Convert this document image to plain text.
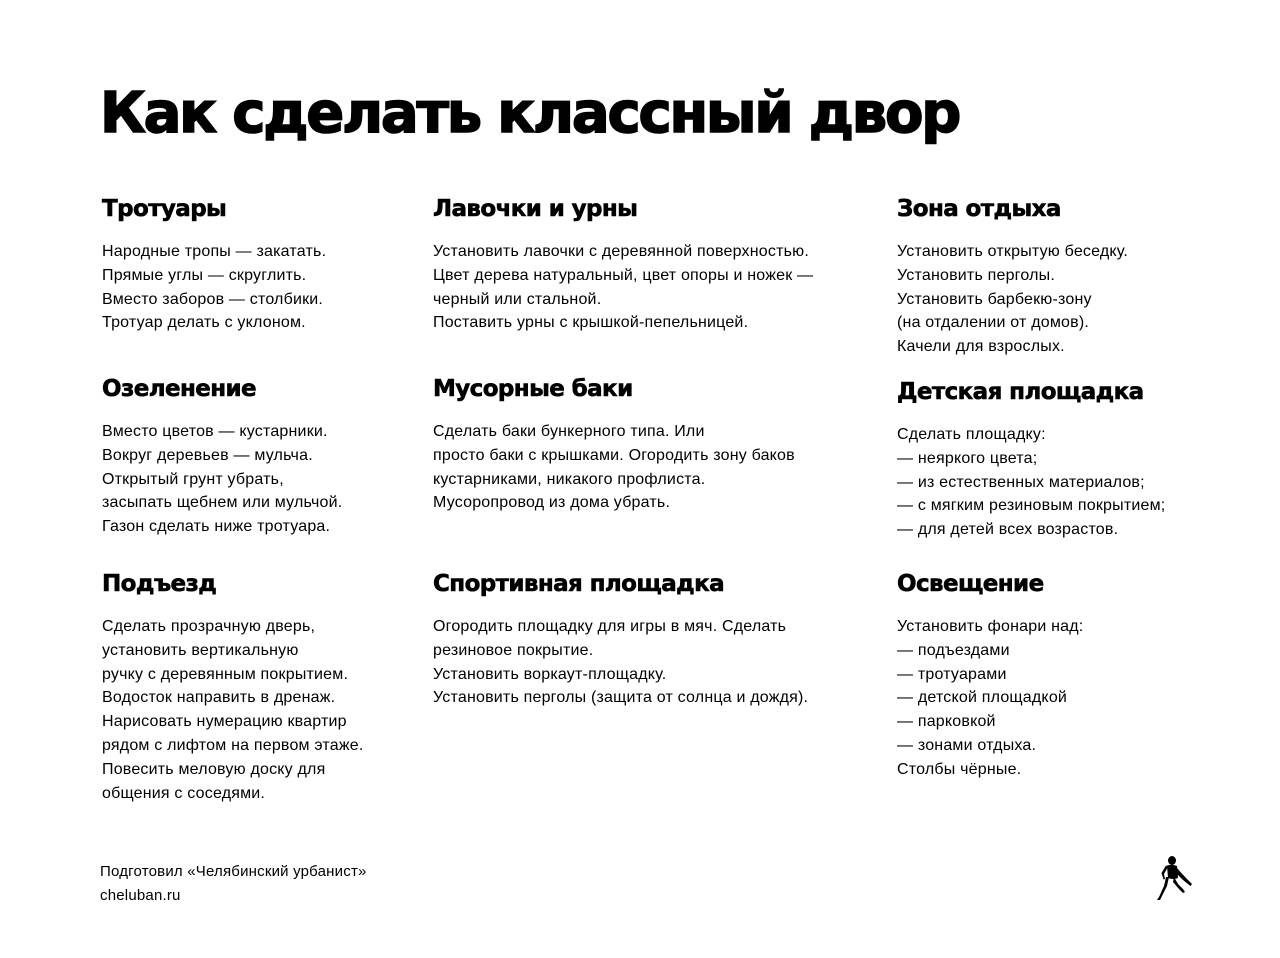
Как сделать классный двор
Тротуары
Народные тропы — закатать.
Прямые углы — скруглить.
Вместо заборов — столбики.
Тротуар делать с уклоном.
Лавочки и урны
Установить лавочки с деревянной поверхностью.
Цвет дерева натуральный, цвет опоры и ножек —
черный или стальной.
Поставить урны с крышкой-пепельницей.
Зона отдыха
Установить открытую беседку.
Установить перголы.
Установить барбекю-зону
(на отдалении от домов).
Качели для взрослых.
Озеленение
Вместо цветов — кустарники.
Вокруг деревьев — мульча.
Открытый грунт убрать,
засыпать щебнем или мульчой.
Газон сделать ниже тротуара.
Мусорные баки
Сделать баки бункерного типа. Или
просто баки с крышками. Огородить зону баков
кустарниками, никакого профлиста.
Мусоропровод из дома убрать.
Детская площадка
Сделать площадку:
— неяркого цвета;
— из естественных материалов;
— с мягким резиновым покрытием;
— для детей всех возрастов.
Подъезд
Сделать прозрачную дверь,
установить вертикальную
ручку с деревянным покрытием.
Водосток направить в дренаж.
Нарисовать нумерацию квартир
рядом с лифтом на первом этаже.
Повесить меловую доску для
общения с соседями.
Спортивная площадка
Огородить площадку для игры в мяч. Сделать
резиновое покрытие.
Установить воркаут-площадку.
Установить перголы (защита от солнца и дождя).
Освещение
Установить фонари над:
— подъездами
— тротуарами
— детской площадкой
— парковкой
— зонами отдыха.
Столбы чёрные.
Подготовил «Челябинский урбанист»
cheluban.ru
